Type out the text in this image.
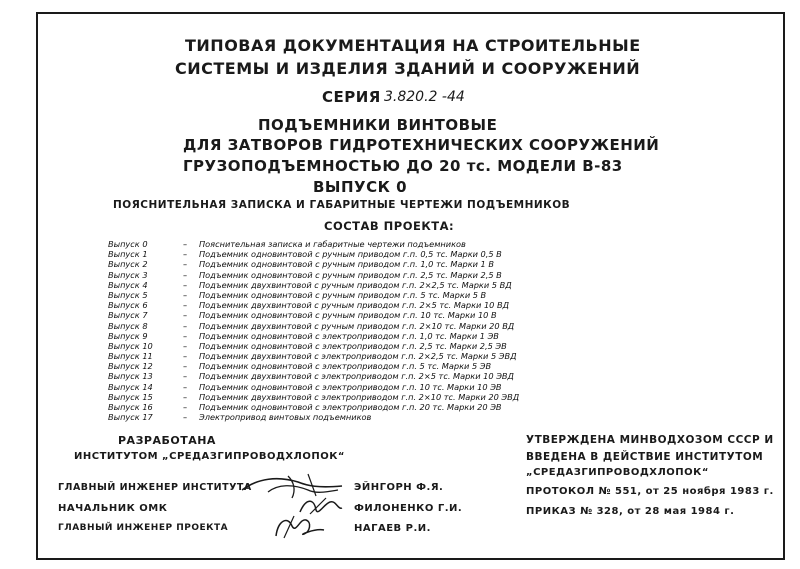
ТИПОВАЯ ДОКУМЕНТАЦИЯ НА СТРОИТЕЛЬНЫЕ
СИСТЕМЫ И ИЗДЕЛИЯ ЗДАНИЙ И СООРУЖЕНИЙ
СЕРИЯ 3.820.2 -44
ПОДЪЕМНИКИ ВИНТОВЫЕ
ДЛЯ ЗАТВОРОВ ГИДРОТЕХНИЧЕСКИХ СООРУЖЕНИЙ
ГРУЗОПОДЪЕМНОСТЬЮ ДО 20 тс. МОДЕЛИ В-83
ВЫПУСК 0
ПОЯСНИТЕЛЬНАЯ ЗАПИСКА И ГАБАРИТНЫЕ ЧЕРТЕЖИ ПОДЪЕМНИКОВ
СОСТАВ ПРОЕКТА:
Выпуск 0	–	Пояснительная записка и габаритные чертежи подъемников
Выпуск 1	–	Подъемник одновинтовой с ручным приводом г.п. 0,5 тс. Марки 0,5 В
Выпуск 2	–	Подъемник одновинтовой с ручным приводом г.п. 1,0 тс. Марки 1 В
Выпуск 3	–	Подъемник одновинтовой с ручным приводом г.п. 2,5 тс. Марки 2,5 В
Выпуск 4	–	Подъемник двухвинтовой с ручным приводом г.п. 2×2,5 тс. Марки 5 ВД
Выпуск 5	–	Подъемник одновинтовой с ручным приводом г.п. 5 тс. Марки 5 В
Выпуск 6	–	Подъемник двухвинтовой с ручным приводом г.п. 2×5 тс. Марки 10 ВД
Выпуск 7	–	Подъемник одновинтовой с ручным приводом г.п. 10 тс. Марки 10 В
Выпуск 8	–	Подъемник двухвинтовой с ручным приводом г.п. 2×10 тс. Марки 20 ВД
Выпуск 9	–	Подъемник одновинтовой с электроприводом г.п. 1,0 тс. Марки 1 ЭВ
Выпуск 10	–	Подъемник одновинтовой с электроприводом г.п. 2,5 тс. Марки 2,5 ЭВ
Выпуск 11	–	Подъемник двухвинтовой с электроприводом г.п. 2×2,5 тс. Марки 5 ЭВД
Выпуск 12	–	Подъемник одновинтовой с электроприводом г.п. 5 тс. Марки 5 ЭВ
Выпуск 13	–	Подъемник двухвинтовой с электроприводом г.п. 2×5 тс. Марки 10 ЭВД
Выпуск 14	–	Подъемник одновинтовой с электроприводом г.п. 10 тс. Марки 10 ЭВ
Выпуск 15	–	Подъемник двухвинтовой с электроприводом г.п. 2×10 тс. Марки 20 ЭВД
Выпуск 16	–	Подъемник одновинтовой с электроприводом г.п. 20 тс. Марки 20 ЭВ
Выпуск 17	–	Электропривод винтовых подъемников
РАЗРАБОТАНА
ИНСТИТУТОМ „СРЕДАЗГИПРОВОДХЛОПОК“
УТВЕРЖДЕНА МИНВОДХОЗОМ СССР И
ВВЕДЕНА В ДЕЙСТВИЕ ИНСТИТУТОМ
„СРЕДАЗГИПРОВОДХЛОПОК“
ПРОТОКОЛ № 551, от 25 ноября 1983 г.
ПРИКАЗ № 328, от 28 мая 1984 г.
ГЛАВНЫЙ ИНЖЕНЕР ИНСТИТУТА	ЭЙНГОРН Ф.Я.
НАЧАЛЬНИК ОМК	ФИЛОНЕНКО Г.И.
ГЛАВНЫЙ ИНЖЕНЕР ПРОЕКТА	НАГАЕВ Р.И.
